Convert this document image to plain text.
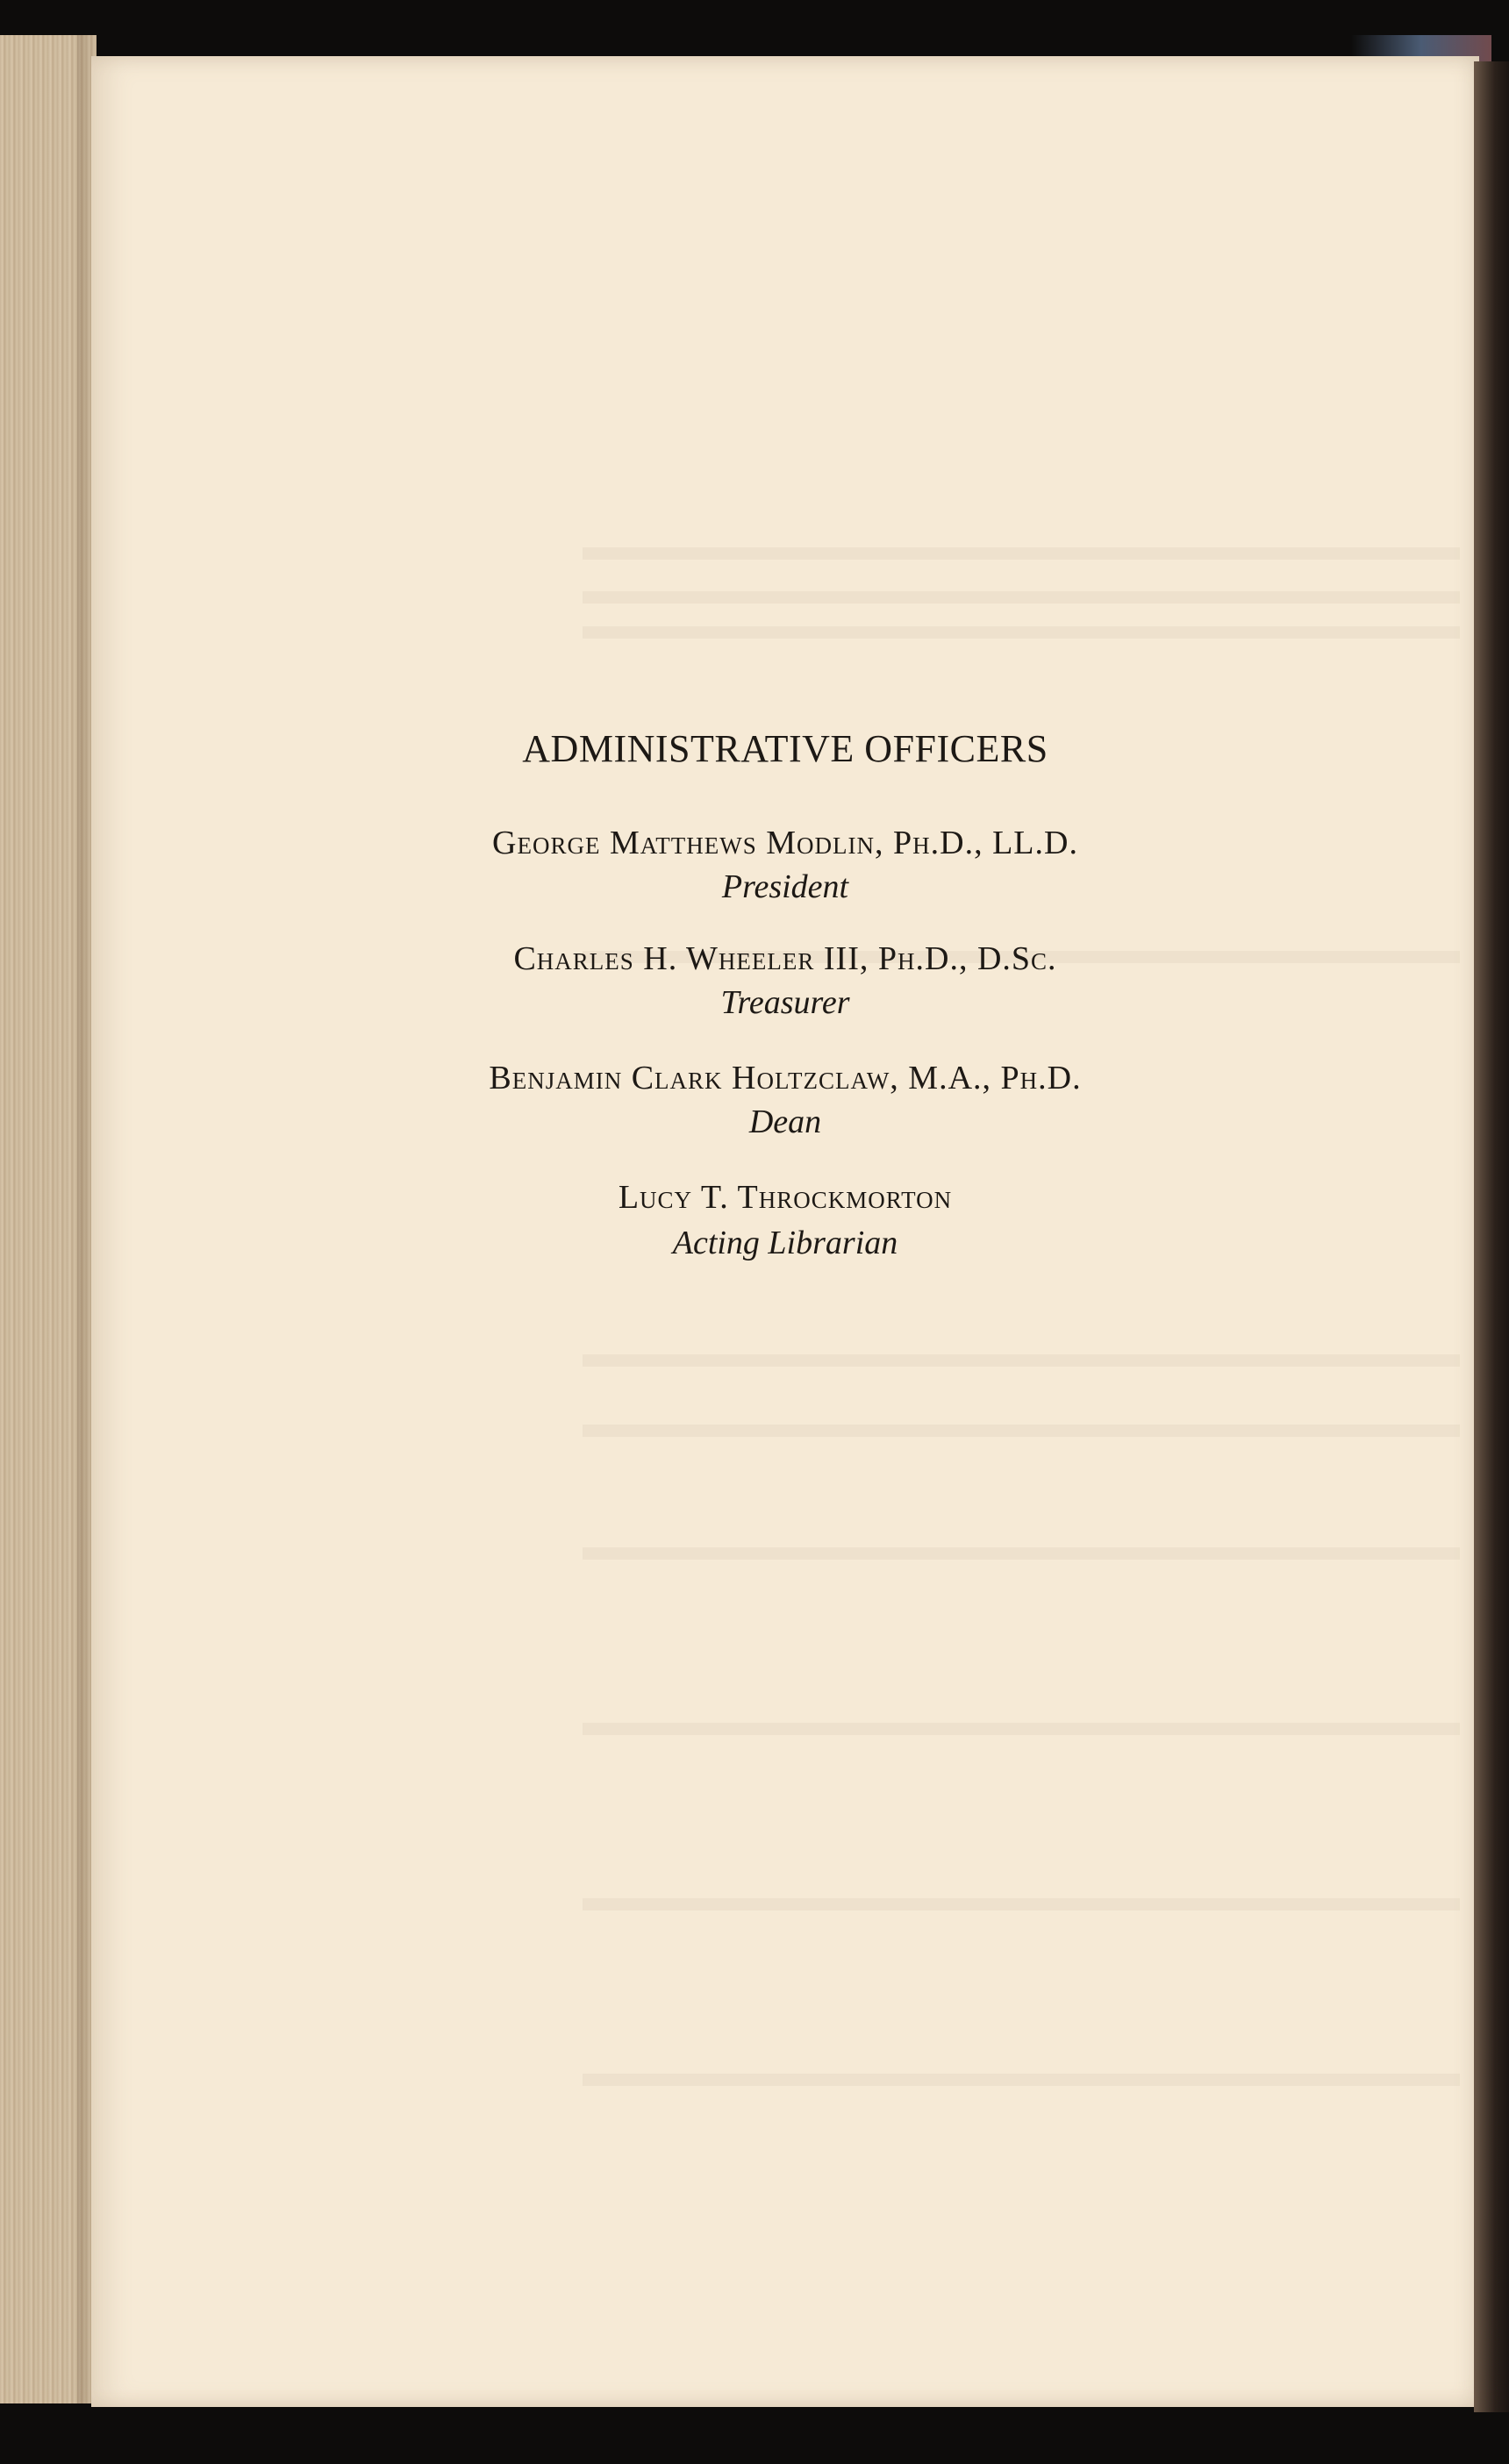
ADMINISTRATIVE OFFICERS
George Matthews Modlin, Ph.D., LL.D.
President
Charles H. Wheeler III, Ph.D., D.Sc.
Treasurer
Benjamin Clark Holtzclaw, M.A., Ph.D.
Dean
Lucy T. Throckmorton
Acting Librarian
